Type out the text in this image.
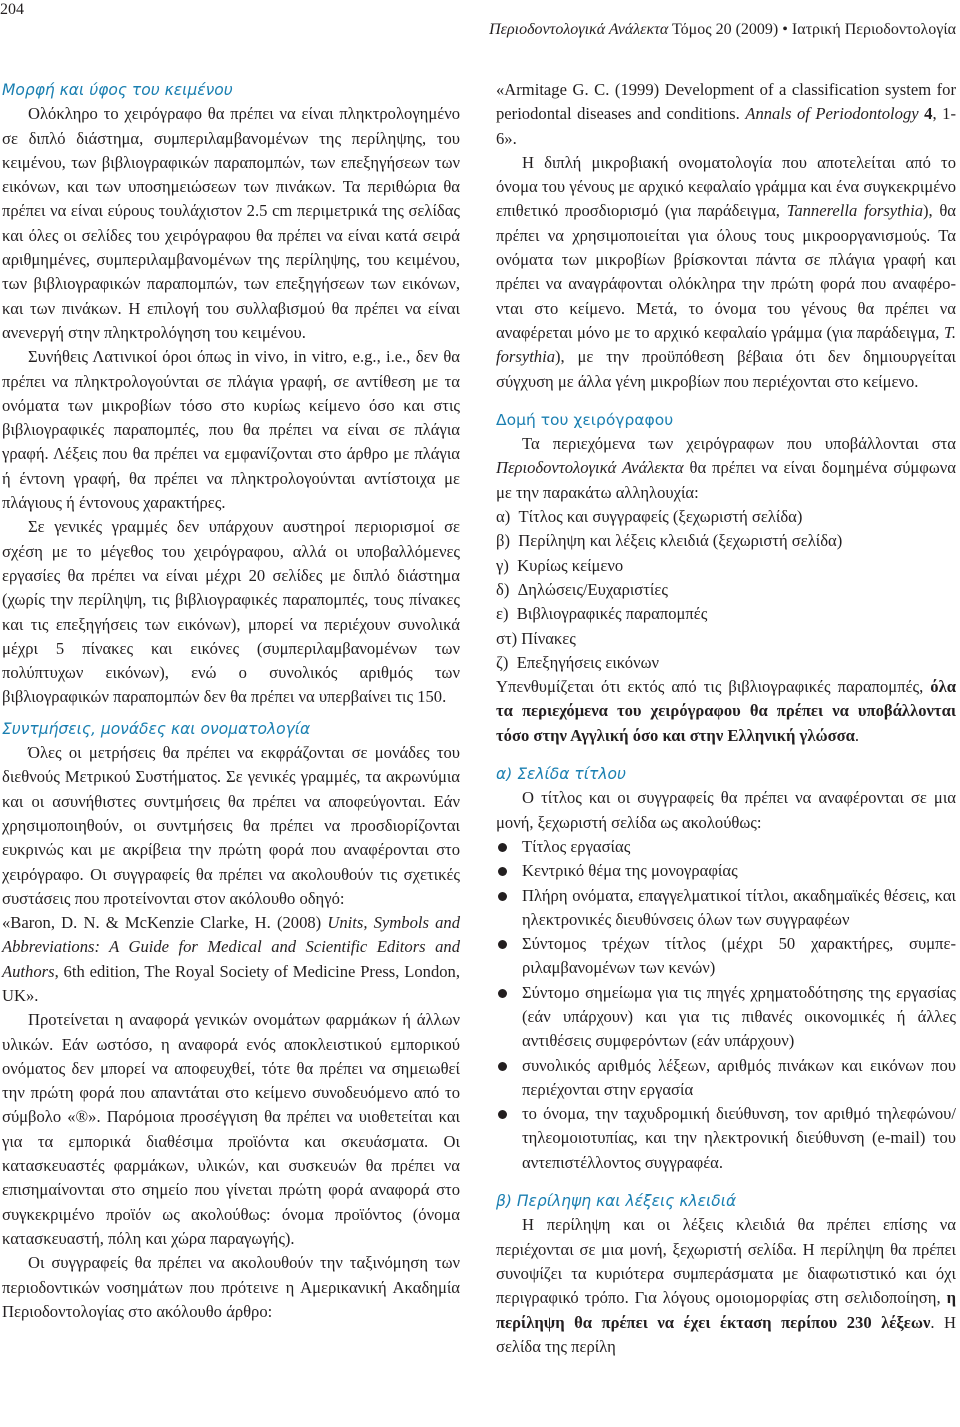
204
Περιοδοντολογικά Ανάλεκτα Τόμος 20 (2009) • Ιατρική Περιοδοντολογία
Μορφή και ύφος του κειμένου

Ολόκληρο το χειρόγραφο θα πρέπει να είναι πληκτρολογημένο σε διπλό διάστημα, συμπεριλαμβανομένων της περίληψης, του κειμένου, των βιβλιογραφικών παραπομπών, των επεξηγήσεων των εικόνων, και των υποσημειώσεων των πινάκων. Τα περιθώρια θα πρέπει να είναι εύρους τουλάχιστον 2.5 cm περιμετρικά της σελίδας και όλες οι σελίδες του χειρόγραφου θα πρέπει να είναι κατά σειρά αριθμημένες, συμπεριλαμβανομένων της περίληψης, του κειμένου, των βιβλιογραφικών παραπομπών, των επεξηγήσεων των εικόνων, και των πινάκων. Η επιλογή του συλλαβισμού θα πρέπει να είναι ανενεργή στην πληκτρολόγηση του κειμένου.

Συνήθεις Λατινικοί όροι όπως in vivo, in vitro, e.g., i.e., δεν θα πρέπει να πληκτρολογούνται σε πλάγια γραφή, σε αντίθεση με τα ονόματα των μικροβίων τόσο στο κυρίως κείμενο όσο και στις βιβλιογραφικές παραπομπές, που θα πρέπει να είναι σε πλάγια γραφή. Λέξεις που θα πρέπει να εμφανίζονται στο άρθρο με πλάγια ή έντονη γραφή, θα πρέπει να πληκτρολογούνται αντίστοιχα με πλάγιους ή έντονους χαρακτήρες.

Σε γενικές γραμμές δεν υπάρχουν αυστηροί περιορισμοί σε σχέση με το μέγεθος του χειρόγραφου, αλλά οι υποβαλλόμενες εργασίες θα πρέπει να είναι μέχρι 20 σελίδες με διπλό διάστημα (χωρίς την περίληψη, τις βιβλιογραφικές παραπομπές, τους πίνακες και τις επεξηγήσεις των εικόνων), μπορεί να περιέχουν συνολικά μέχρι 5 πίνακες και εικόνες (συμπεριλαμβανομένων των πολύπτυχων εικόνων), ενώ ο συνολικός αριθμός των βιβλιογραφικών παραπομπών δεν θα πρέπει να υπερβαίνει τις 150.

Συντμήσεις, μονάδες και ονοματολογία

Όλες οι μετρήσεις θα πρέπει να εκφράζονται σε μονάδες του διεθνούς Μετρικού Συστήματος. Σε γενικές γραμμές, τα ακρωνύμια και οι ασυνήθιστες συντμήσεις θα πρέπει να αποφεύγονται. Εάν χρησιμοποιηθούν, οι συντμήσεις θα πρέπει να προσδιορίζονται ευκρινώς και με ακρίβεια την πρώτη φορά που αναφέρονται στο χειρόγραφο. Οι συγγραφείς θα πρέπει να ακολουθούν τις σχετικές συστάσεις που προτείνονται στον ακόλουθο οδηγό:

«Baron, D. N. & McKenzie Clarke, H. (2008) Units, Symbols and Abbreviations: A Guide for Medical and Scientific Editors and Authors, 6th edition, The Royal Society of Medicine Press, London, UK».

Προτείνεται η αναφορά γενικών ονομάτων φαρμάκων ή άλλων υλικών. Εάν ωστόσο, η αναφορά ενός αποκλειστικού εμπορικού ονόματος δεν μπορεί να αποφευχθεί, τότε θα πρέπει να σημειωθεί την πρώτη φορά που απαντάται στο κείμενο συνοδευόμενο από το σύμβολο «®». Παρόμοια προσέγγιση θα πρέπει να υιοθετείται και για τα εμπορικά διαθέσιμα προϊόντα και σκευάσματα. Οι κατασκευαστές φαρμάκων, υλικών, και συσκευών θα πρέπει να επισημαίνονται στο σημείο που γίνεται πρώτη φορά αναφορά στο συγκεκριμένο προϊόν ως ακολούθως: όνομα προϊόντος (όνομα κατασκευαστή, πόλη και χώρα παραγωγής).

Οι συγγραφείς θα πρέπει να ακολουθούν την ταξινόμηση των περιοδοντικών νοσημάτων που πρότεινε η Αμερικανική Ακαδημία Περιοδοντολογίας στο ακόλουθο άρθρο:

«Armitage G. C. (1999) Development of a classification system for periodontal diseases and conditions. Annals of Periodontology 4, 1-6».

Η διπλή μικροβιακή ονοματολογία που αποτελείται από το όνομα του γένους με αρχικό κεφαλαίο γράμμα και ένα συγκεκριμένο επιθετικό προσδιορισμό (για παράδειγμα, Tannerella forsythia), θα πρέπει να χρησιμοποιείται για όλους τους μικροοργανισμούς. Τα ονόματα των μικροβίων βρίσκονται πάντα σε πλάγια γραφή και πρέπει να αναγράφονται ολόκληρα την πρώτη φορά που αναφέρονται στο κείμενο. Μετά, το όνομα του γένους θα πρέπει να αναφέρεται μόνο με το αρχικό κεφαλαίο γράμμα (για παράδειγμα, T. forsythia), με την προϋπόθεση βέβαια ότι δεν δημιουργείται σύγχυση με άλλα γένη μικροβίων που περιέχονται στο κείμενο.

Δομή του χειρόγραφου

Τα περιεχόμενα των χειρόγραφων που υποβάλλονται στα Περιοδοντολογικά Ανάλεκτα θα πρέπει να είναι δομημένα σύμφωνα με την παρακάτω αλληλουχία:

α) Τίτλος και συγγραφείς (ξεχωριστή σελίδα)

β) Περίληψη και λέξεις κλειδιά (ξεχωριστή σελίδα)

γ) Κυρίως κείμενο

δ) Δηλώσεις/Ευχαριστίες

ε) Βιβλιογραφικές παραπομπές

στ) Πίνακες

ζ) Επεξηγήσεις εικόνων

Υπενθυμίζεται ότι εκτός από τις βιβλιογραφικές παραπομπές, όλα τα περιεχόμενα του χειρόγραφου θα πρέπει να υποβάλλονται τόσο στην Αγγλική όσο και στην Ελληνική γλώσσα.

α) Σελίδα τίτλου

Ο τίτλος και οι συγγραφείς θα πρέπει να αναφέρονται σε μια μονή, ξεχωριστή σελίδα ως ακολούθως:

Τίτλος εργασίας
Κεντρικό θέμα της μονογραφίας
Πλήρη ονόματα, επαγγελματικοί τίτλοι, ακαδημαϊκές θέσεις, και ηλεκτρονικές διευθύνσεις όλων των συγγραφέων
Σύντομος τρέχων τίτλος (μέχρι 50 χαρακτήρες, συμπεριλαμβανομένων των κενών)
Σύντομο σημείωμα για τις πηγές χρηματοδότησης της εργασίας (εάν υπάρχουν) και για τις πιθανές οικονομικές ή άλλες αντιθέσεις συμφερόντων (εάν υπάρχουν)
συνολικός αριθμός λέξεων, αριθμός πινάκων και εικόνων που περιέχονται στην εργασία
το όνομα, την ταχυδρομική διεύθυνση, τον αριθμό τηλεφώνου/τηλεομοιοτυπίας, και την ηλεκτρονική διεύθυνση (e-mail) του αντεπιστέλλοντος συγγραφέα.
β) Περίληψη και λέξεις κλειδιά

Η περίληψη και οι λέξεις κλειδιά θα πρέπει επίσης να περιέχονται σε μια μονή, ξεχωριστή σελίδα. Η περίληψη θα πρέπει συνοψίζει τα κυριότερα συμπεράσματα με διαφωτιστικό και όχι περιγραφικό τρόπο. Για λόγους ομοιομορφίας στη σελιδοποίηση, η περίληψη θα πρέπει να έχει έκταση περίπου 230 λέξεων. Η σελίδα της περίλη
